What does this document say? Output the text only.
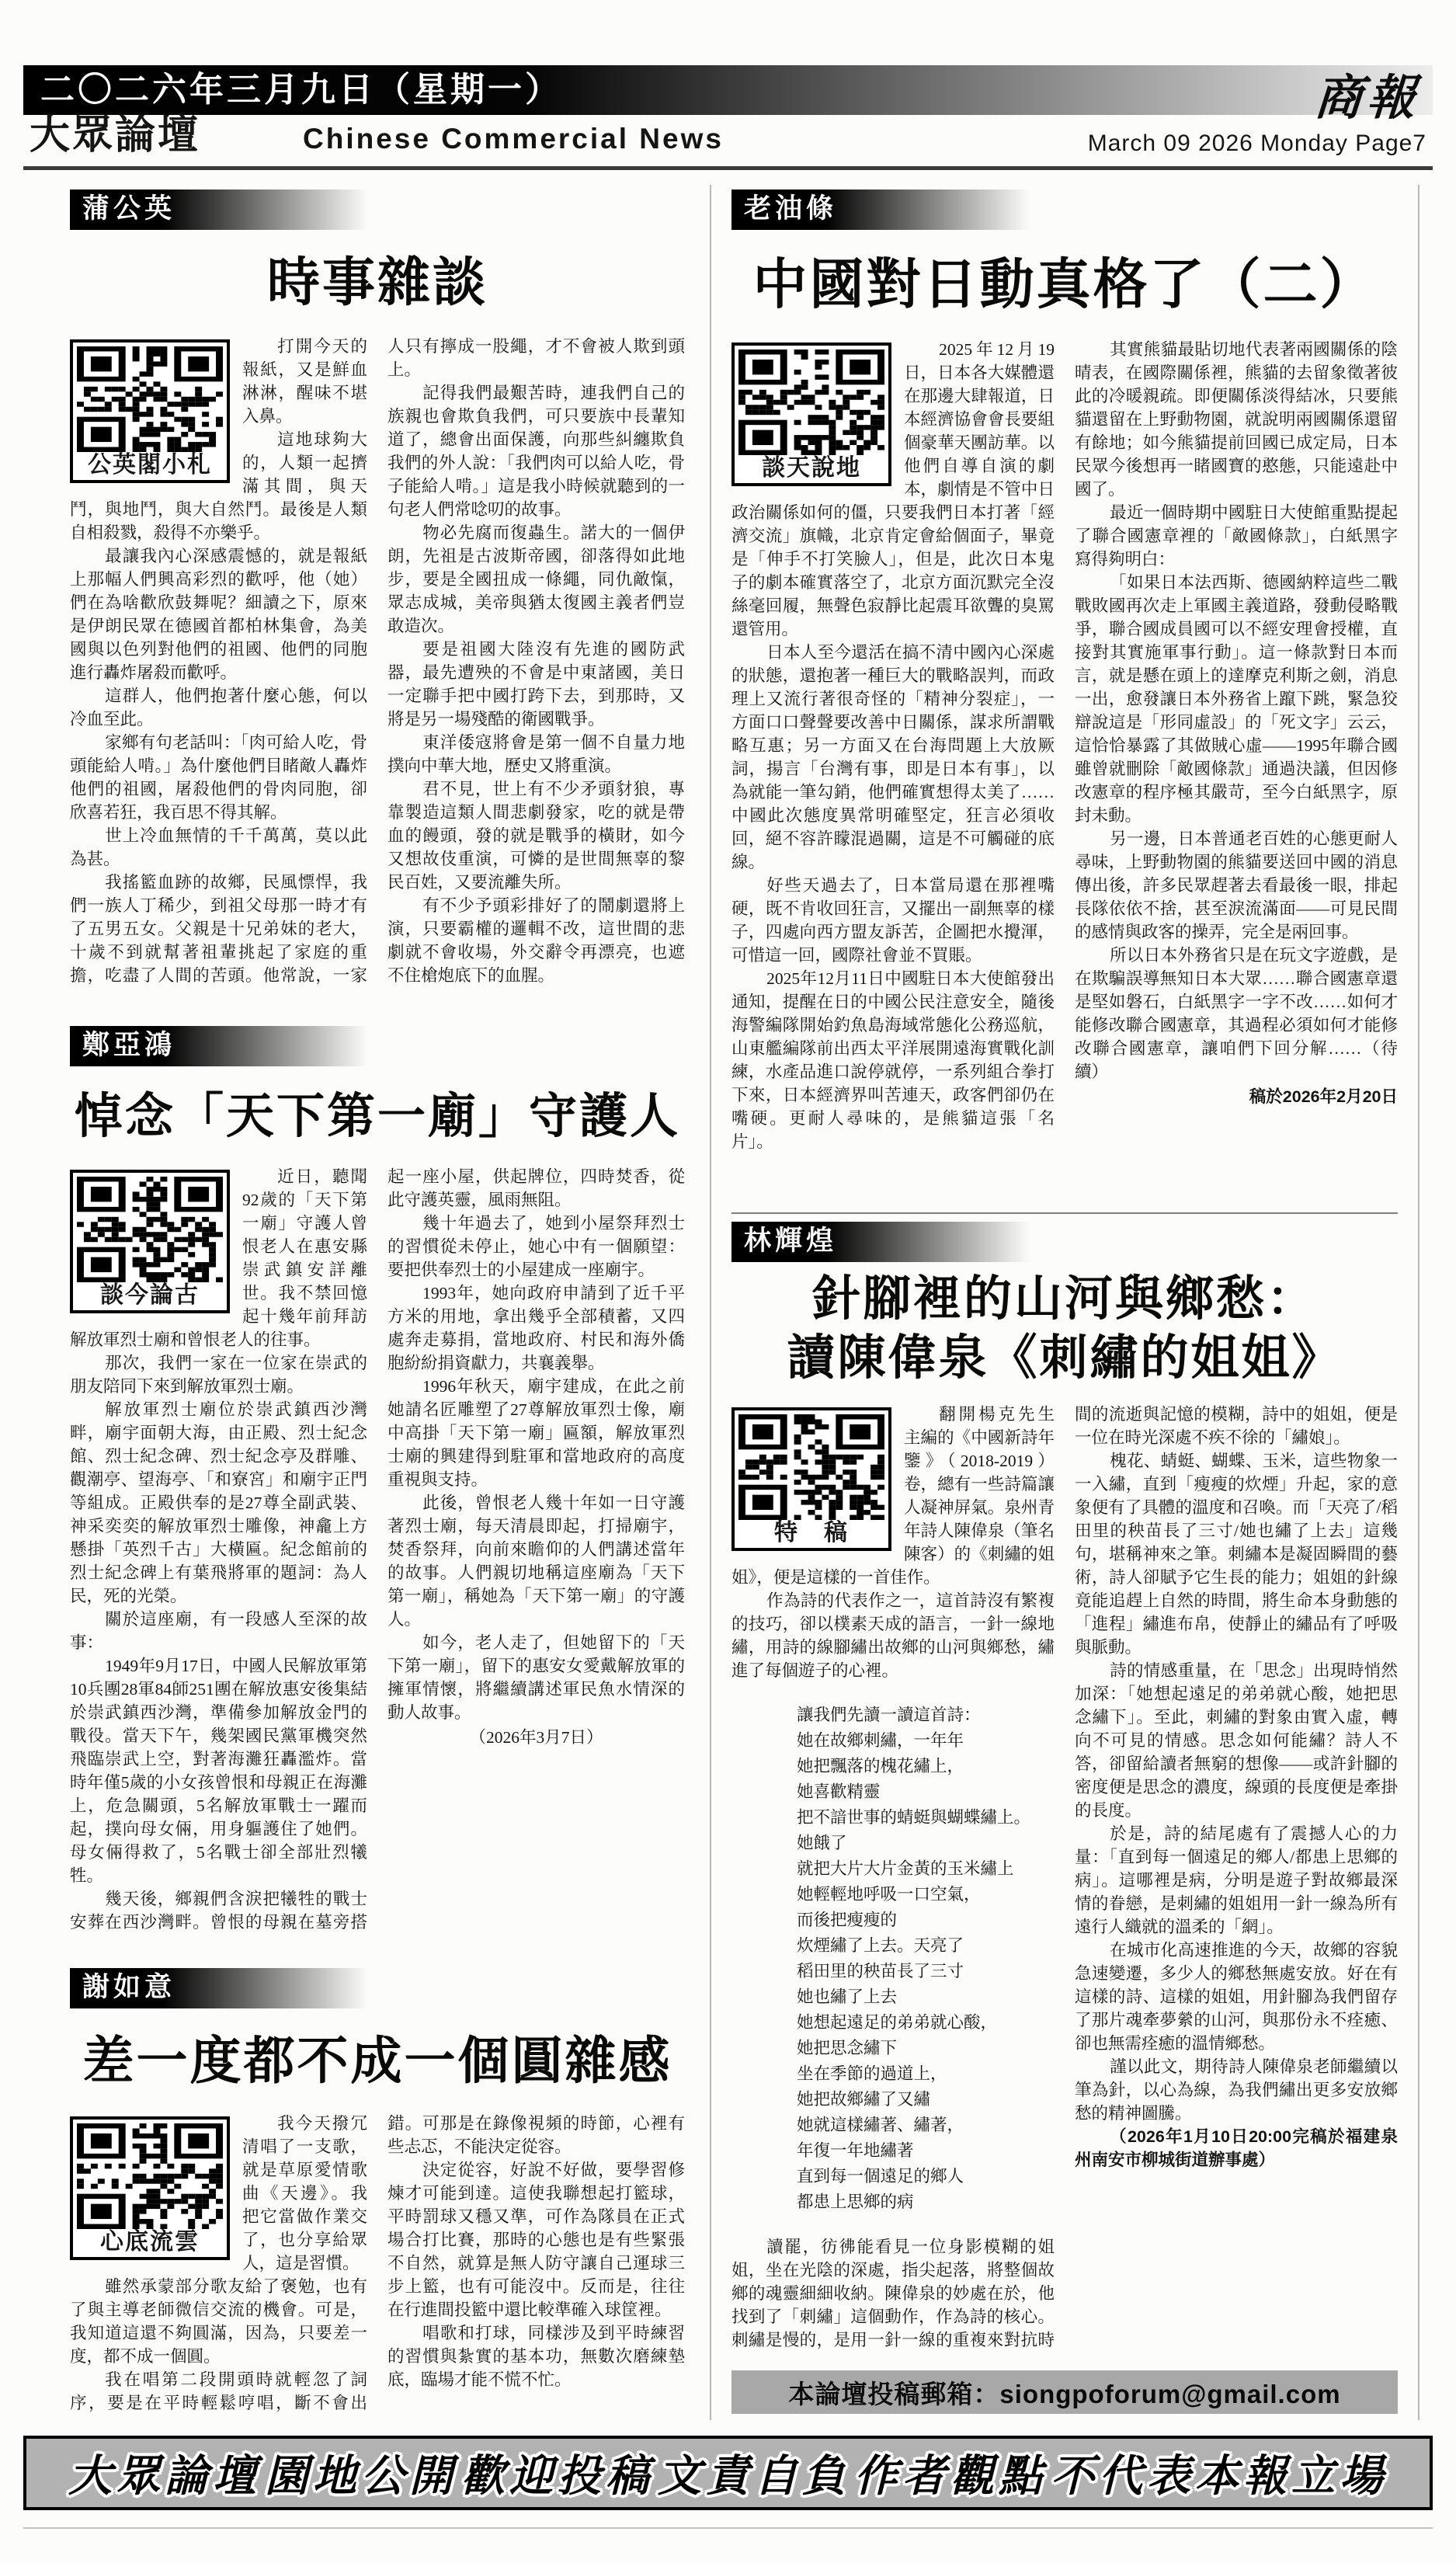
二〇二六年三月九日（星期一）	商報
大眾論壇	Chinese Commercial News	March 09 2026 Monday Page7
蒲公英
時事雜談
公英閣小札

打開今天的報紙，又是鮮血淋淋，醒味不堪入鼻。

這地球夠大的，人類一起擠滿其間，與天鬥，與地鬥，與大自然鬥。最後是人類自相殺戮，殺得不亦樂乎。

最讓我內心深感震憾的，就是報紙上那幅人們興高彩烈的歡呼，他（她）們在為啥歡欣鼓舞呢？細讀之下，原來是伊朗民眾在德國首都柏林集會，為美國與以色列對他們的祖國、他們的同胞進行轟炸屠殺而歡呼。

這群人，他們抱著什麼心態，何以冷血至此。

家鄉有句老話叫：「肉可給人吃，骨頭能給人啃。」為什麼他們目睹敵人轟炸他們的祖國，屠殺他們的骨肉同胞，卻欣喜若狂，我百思不得其解。

世上冷血無情的千千萬萬，莫以此為甚。

我搖籃血跡的故鄉，民風慓悍，我們一族人丁稀少，到祖父母那一時才有了五男五女。父親是十兄弟妹的老大，十歲不到就幫著祖輩挑起了家庭的重擔，吃盡了人間的苦頭。他常說，一家人只有擰成一股繩，才不會被人欺到頭上。

記得我們最艱苦時，連我們自己的族親也會欺負我們，可只要族中長輩知道了，總會出面保護，向那些糾纏欺負我們的外人說：「我們肉可以給人吃，骨子能給人啃。」這是我小時候就聽到的一句老人們常唸叨的故事。

物必先腐而復蟲生。諾大的一個伊朗，先祖是古波斯帝國，卻落得如此地步，要是全國扭成一條繩，同仇敵愾，眾志成城，美帝與猶太復國主義者們豈敢造次。

要是祖國大陸沒有先進的國防武器，最先遭殃的不會是中東諸國，美日一定聯手把中國打跨下去，到那時，又將是另一場殘酷的衛國戰爭。

東洋倭寇將會是第一個不自量力地撲向中華大地，歷史又將重演。

君不見，世上有不少矛頭豺狼，專靠製造這類人間悲劇發家，吃的就是帶血的饅頭，發的就是戰爭的橫財，如今又想故伎重演，可憐的是世間無辜的黎民百姓，又要流離失所。

有不少予頭彩排好了的鬧劇還將上演，只要霸權的邏輯不改，這世間的悲劇就不會收場，外交辭令再漂亮，也遮不住槍炮底下的血腥。

鄭亞鴻
悼念「天下第一廟」守護人
談今論古

近日，聽聞92歲的「天下第一廟」守護人曾恨老人在惠安縣崇武鎮安詳離世。我不禁回憶起十幾年前拜訪解放軍烈士廟和曾恨老人的往事。

那次，我們一家在一位家在崇武的朋友陪同下來到解放軍烈士廟。

解放軍烈士廟位於崇武鎮西沙灣畔，廟宇面朝大海，由正殿、烈士紀念館、烈士紀念碑、烈士紀念亭及群雕、觀潮亭、望海亭、「和寮宮」和廟宇正門等組成。正殿供奉的是27尊全副武裝、神采奕奕的解放軍烈士雕像，神龕上方懸掛「英烈千古」大橫匾。紀念館前的烈士紀念碑上有葉飛將軍的題詞：為人民，死的光榮。

關於這座廟，有一段感人至深的故事：

1949年9月17日，中國人民解放軍第10兵團28軍84師251團在解放惠安後集結於崇武鎮西沙灣，準備參加解放金門的戰役。當天下午，幾架國民黨軍機突然飛臨崇武上空，對著海灘狂轟濫炸。當時年僅5歲的小女孩曾恨和母親正在海灘上，危急關頭，5名解放軍戰士一躍而起，撲向母女倆，用身軀護住了她們。母女倆得救了，5名戰士卻全部壯烈犧牲。

幾天後，鄉親們含淚把犧牲的戰士安葬在西沙灣畔。曾恨的母親在墓旁搭起一座小屋，供起牌位，四時焚香，從此守護英靈，風雨無阻。

幾十年過去了，她到小屋祭拜烈士的習慣從未停止，她心中有一個願望：要把供奉烈士的小屋建成一座廟宇。

1993年，她向政府申請到了近千平方米的用地，拿出幾乎全部積蓄，又四處奔走募捐，當地政府、村民和海外僑胞紛紛捐資獻力，共襄義舉。

1996年秋天，廟宇建成，在此之前她請名匠雕塑了27尊解放軍烈士像，廟中高掛「天下第一廟」匾額，解放軍烈士廟的興建得到駐軍和當地政府的高度重視與支持。

此後，曾恨老人幾十年如一日守護著烈士廟，每天清晨即起，打掃廟宇，焚香祭拜，向前來瞻仰的人們講述當年的故事。人們親切地稱這座廟為「天下第一廟」，稱她為「天下第一廟」的守護人。

如今，老人走了，但她留下的「天下第一廟」，留下的惠安女愛戴解放軍的擁軍情懷，將繼續講述軍民魚水情深的動人故事。

（2026年3月7日）

謝如意
差一度都不成一個圓雜感
心底流雲

我今天撥冗清唱了一支歌，就是草原愛情歌曲《天邊》。我把它當做作業交了，也分享給眾人，這是習慣。

雖然承蒙部分歌友給了褒勉，也有了與主導老師微信交流的機會。可是，我知道這還不夠圓滿，因為，只要差一度，都不成一個圓。

我在唱第二段開頭時就輕忽了詞序，要是在平時輕鬆哼唱，斷不會出錯。可那是在錄像視頻的時節，心裡有些忐忑，不能決定從容。

決定從容，好說不好做，要學習修煉才可能到達。這使我聯想起打籃球，平時罰球又穩又準，可作為隊員在正式場合打比賽，那時的心態也是有些緊張不自然，就算是無人防守讓自己運球三步上籃，也有可能沒中。反而是，往往在行進間投籃中還比較準確入球筐裡。

唱歌和打球，同樣涉及到平時練習的習慣與紮實的基本功，無數次磨練墊底，臨場才能不慌不忙。

老油條
中國對日動真格了（二）
談天說地

2025年12月19日，日本各大媒體還在那邊大肆報道，日本經濟協會會長要組個豪華天團訪華。以他們自導自演的劇本，劇情是不管中日政治關係如何的僵，只要我們日本打著「經濟交流」旗幟，北京肯定會給個面子，畢竟是「伸手不打笑臉人」，但是，此次日本鬼子的劇本確實落空了，北京方面沉默完全沒絲毫回履，無聲色寂靜比起震耳欲聾的臭罵還管用。

日本人至今還活在搞不清中國內心深處的狀態，還抱著一種巨大的戰略誤判，而政理上又流行著很奇怪的「精神分裂症」，一方面口口聲聲要改善中日關係，謀求所謂戰略互惠；另一方面又在台海問題上大放厥詞，揚言「台灣有事，即是日本有事」，以為就能一筆勾銷，他們確實想得太美了……中國此次態度異常明確堅定，狂言必須收回，絕不容許矇混過關，這是不可觸碰的底線。

好些天過去了，日本當局還在那裡嘴硬，既不肯收回狂言，又擺出一副無辜的樣子，四處向西方盟友訴苦，企圖把水攪渾，可惜這一回，國際社會並不買賬。

2025年12月11日中國駐日本大使館發出通知，提醒在日的中國公民注意安全，隨後海警編隊開始釣魚島海域常態化公務巡航，山東艦編隊前出西太平洋展開遠海實戰化訓練，水產品進口說停就停，一系列組合拳打下來，日本經濟界叫苦連天，政客們卻仍在嘴硬。更耐人尋味的，是熊貓這張「名片」。

其實熊貓最貼切地代表著兩國關係的陰晴表，在國際關係裡，熊貓的去留象徵著彼此的冷暖親疏。即便關係淡得結冰，只要熊貓還留在上野動物園，就說明兩國關係還留有餘地；如今熊貓提前回國已成定局，日本民眾今後想再一睹國寶的憨態，只能遠赴中國了。

最近一個時期中國駐日大使館重點提起了聯合國憲章裡的「敵國條款」，白紙黑字寫得夠明白：

「如果日本法西斯、德國納粹這些二戰戰敗國再次走上軍國主義道路，發動侵略戰爭，聯合國成員國可以不經安理會授權，直接對其實施軍事行動」。這一條款對日本而言，就是懸在頭上的達摩克利斯之劍，消息一出，愈發讓日本外務省上躥下跳，緊急狡辯說這是「形同虛設」的「死文字」云云，這恰恰暴露了其做賊心虛——1995年聯合國雖曾就刪除「敵國條款」通過決議，但因修改憲章的程序極其嚴苛，至今白紙黑字，原封未動。

另一邊，日本普通老百姓的心態更耐人尋味，上野動物園的熊貓要送回中國的消息傳出後，許多民眾趕著去看最後一眼，排起長隊依依不捨，甚至淚流滿面——可見民間的感情與政客的操弄，完全是兩回事。

所以日本外務省只是在玩文字遊戲，是在欺騙誤導無知日本大眾……聯合國憲章還是堅如磐石，白紙黑字一字不改……如何才能修改聯合國憲章，其過程必須如何才能修改聯合國憲章，讓咱們下回分解……（待續）

稿於2026年2月20日

林輝煌
針腳裡的山河與鄉愁：
讀陳偉泉《刺繡的姐姐》
特　稿

翻開楊克先生主編的《中國新詩年鑒》（2018-2019）卷，總有一些詩篇讓人凝神屏氣。泉州青年詩人陳偉泉（筆名陳客）的《刺繡的姐姐》，便是這樣的一首佳作。

作為詩的代表作之一，這首詩沒有繁複的技巧，卻以樸素天成的語言，一針一線地繡，用詩的線腳繡出故鄉的山河與鄉愁，繡進了每個遊子的心裡。

讓我們先讀一讀這首詩：
她在故鄉刺繡，一年年
她把飄落的槐花繡上，
她喜歡精靈
把不諳世事的蜻蜓與蝴蝶繡上。
她餓了
就把大片大片金黃的玉米繡上
她輕輕地呼吸一口空氣，
而後把瘦瘦的
炊煙繡了上去。天亮了
稻田里的秧苗長了三寸
她也繡了上去
她想起遠足的弟弟就心酸，
她把思念繡下
坐在季節的過道上，
她把故鄉繡了又繡
她就這樣繡著、繡著，
年復一年地繡著
直到每一個遠足的鄉人
都患上思鄉的病

讀罷，彷彿能看見一位身影模糊的姐姐，坐在光陰的深處，指尖起落，將整個故鄉的魂靈細細收納。陳偉泉的妙處在於，他找到了「刺繡」這個動作，作為詩的核心。刺繡是慢的，是用一針一線的重複來對抗時間的流逝與記憶的模糊，詩中的姐姐，便是一位在時光深處不疾不徐的「繡娘」。

槐花、蜻蜓、蝴蝶、玉米，這些物象一一入繡，直到「瘦瘦的炊煙」升起，家的意象便有了具體的溫度和召喚。而「天亮了/稻田里的秧苗長了三寸/她也繡了上去」這幾句，堪稱神來之筆。刺繡本是凝固瞬間的藝術，詩人卻賦予它生長的能力；姐姐的針線竟能追趕上自然的時間，將生命本身動態的「進程」繡進布帛，使靜止的繡品有了呼吸與脈動。

詩的情感重量，在「思念」出現時悄然加深：「她想起遠足的弟弟就心酸，她把思念繡下」。至此，刺繡的對象由實入虛，轉向不可見的情感。思念如何能繡？詩人不答，卻留給讀者無窮的想像——或許針腳的密度便是思念的濃度，線頭的長度便是牽掛的長度。

於是，詩的結尾處有了震撼人心的力量：「直到每一個遠足的鄉人/都患上思鄉的病」。這哪裡是病，分明是遊子對故鄉最深情的眷戀，是刺繡的姐姐用一針一線為所有遠行人織就的溫柔的「網」。

在城市化高速推進的今天，故鄉的容貌急速變遷，多少人的鄉愁無處安放。好在有這樣的詩、這樣的姐姐，用針腳為我們留存了那片魂牽夢縈的山河，與那份永不痊癒、卻也無需痊癒的溫情鄉愁。

謹以此文，期待詩人陳偉泉老師繼續以筆為針，以心為線，為我們繡出更多安放鄉愁的精神圖騰。

（2026年1月10日20:00完稿於福建泉州南安市柳城街道辦事處）

本論壇投稿郵箱：siongpoforum@gmail.com
大眾論壇 園地公開 歡迎投稿 文責自負 作者觀點 不代表本報立場
